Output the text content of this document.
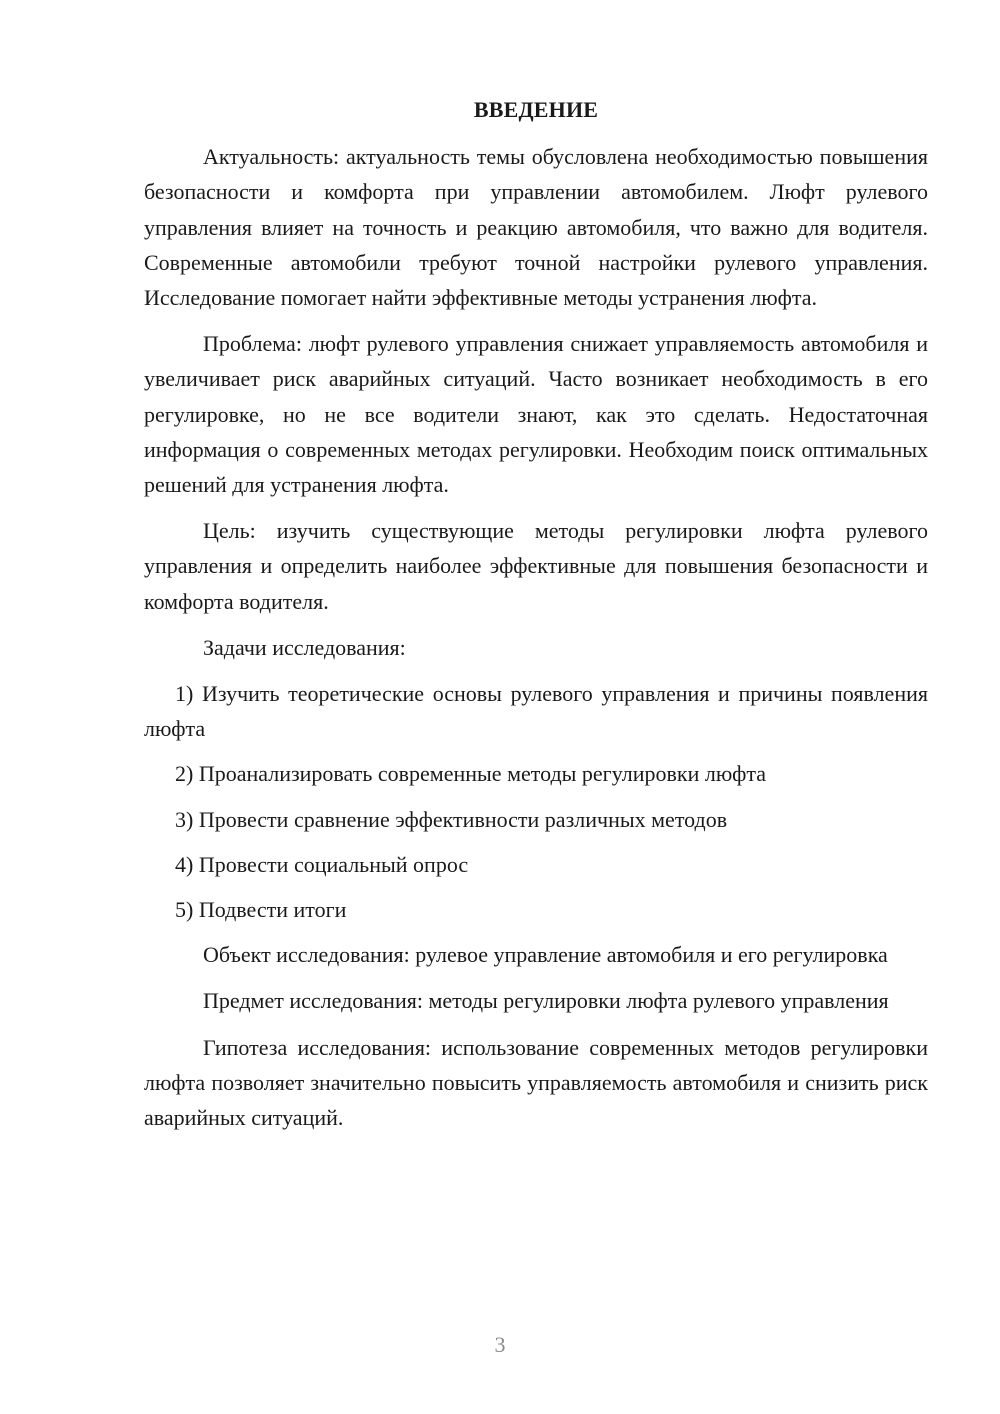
ВВЕДЕНИЕ

Актуальность: актуальность темы обусловлена необходимостью повышения безопасности и комфорта при управлении автомобилем. Люфт рулевого управления влияет на точность и реакцию автомобиля, что важно для водителя. Современные автомобили требуют точной настройки рулевого управления. Исследование помогает найти эффективные методы устранения люфта.

Проблема: люфт рулевого управления снижает управляемость автомобиля и увеличивает риск аварийных ситуаций. Часто возникает необходимость в его регулировке, но не все водители знают, как это сделать. Недостаточная информация о современных методах регулировки. Необходим поиск оптимальных решений для устранения люфта.

Цель: изучить существующие методы регулировки люфта рулевого управления и определить наиболее эффективные для повышения безопасности и комфорта водителя.

Задачи исследования:

1) Изучить теоретические основы рулевого управления и причины появления люфта

2) Проанализировать современные методы регулировки люфта

3) Провести сравнение эффективности различных методов

4) Провести социальный опрос

5) Подвести итоги

Объект исследования: рулевое управление автомобиля и его регулировка

Предмет исследования: методы регулировки люфта рулевого управления

Гипотеза исследования: использование современных методов регулировки люфта позволяет значительно повысить управляемость автомобиля и снизить риск аварийных ситуаций.

3
